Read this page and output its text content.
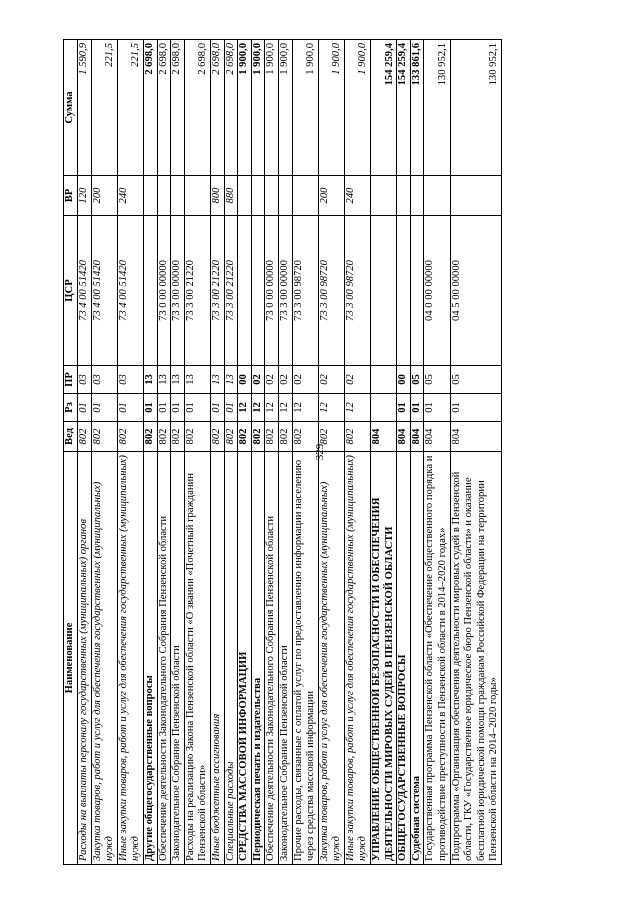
329
Наименование	Вед	Рз	ПР	ЦСР	ВР	Сумма
Расходы на выплаты персоналу государственных (муниципальных) органов	802	01	03	73 4 00 51420	120	1 590,9
Закупка товаров, работ и услуг для обеспечения государственных (муниципальных) нужд	802	01	03	73 4 00 51420	200	221,5
Иные закупки товаров, работ и услуг для обеспечения государственных (муниципальных) нужд	802	01	03	73 4 00 51420	240	221,5
Другие общегосударственные вопросы	802	01	13			2 698,0
Обеспечение деятельности Законодательного Собрания Пензенской области	802	01	13	73 0 00 00000		2 698,0
Законодательное Собрание Пензенской области	802	01	13	73 3 00 00000		2 698,0
Расходы на реализацию Закона Пензенской области «О звании «Почетный гражданин Пензенской области»	802	01	13	73 3 00 21220		2 698,0
Иные бюджетные ассигнования	802	01	13	73 3 00 21220	800	2 698,0
Специальные расходы	802	01	13	73 3 00 21220	880	2 698,0
СРЕДСТВА МАССОВОЙ ИНФОРМАЦИИ	802	12	00			1 900,0
Периодическая печать и издательства	802	12	02			1 900,0
Обеспечение деятельности Законодательного Собрания Пензенской области	802	12	02	73 0 00 00000		1 900,0
Законодательное Собрание Пензенской области	802	12	02	73 3 00 00000		1 900,0
Прочие расходы, связанные с оплатой услуг по предоставлению информации населению через средства массовой информации	802	12	02	73 3 00 98720		1 900,0
Закупка товаров, работ и услуг для обеспечения государственных (муниципальных) нужд	802	12	02	73 3 00 98720	200	1 900,0
Иные закупки товаров, работ и услуг для обеспечения государственных (муниципальных) нужд	802	12	02	73 3 00 98720	240	1 900,0
УПРАВЛЕНИЕ ОБЩЕСТВЕННОЙ БЕЗОПАСНОСТИ И ОБЕСПЕЧЕНИЯ ДЕЯТЕЛЬНОСТИ МИРОВЫХ СУДЕЙ В ПЕНЗЕНСКОЙ ОБЛАСТИ	804					154 259,4
ОБЩЕГОСУДАРСТВЕННЫЕ ВОПРОСЫ	804	01	00			154 259,4
Судебная система	804	01	05			133 861,6
Государственная программа Пензенской области «Обеспечение общественного порядка и противодействие преступности в Пензенской области в 2014–2020 годах»	804	01	05	04 0 00 00000		130 952,1
Подпрограмма «Организация обеспечения деятельности мировых судей в Пензенской области, ГКУ «Государственное юридическое бюро Пензенской области» и оказание бесплатной юридической помощи гражданам Российской Федерации на территории Пензенской области на 2014–2020 годы»	804	01	05	04 5 00 00000		130 952,1
